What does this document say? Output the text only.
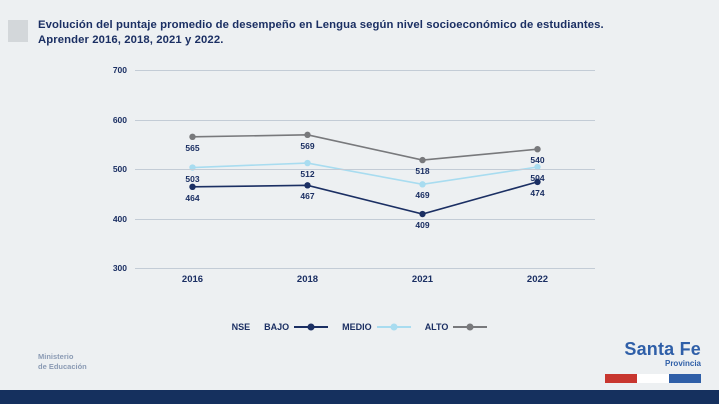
Evolución del puntaje promedio de desempeño en Lengua según nivel socioeconómico de estudiantes.
Aprender 2016, 2018, 2021 y 2022.
300
400
500
600
700
2016	2018	2021	2022
464	467
409
474
503	512
469
504
565	569
518
540
NSE BAJO	MEDIO	ALTO
Ministerio
de Educación
Santa Fe
Provincia
